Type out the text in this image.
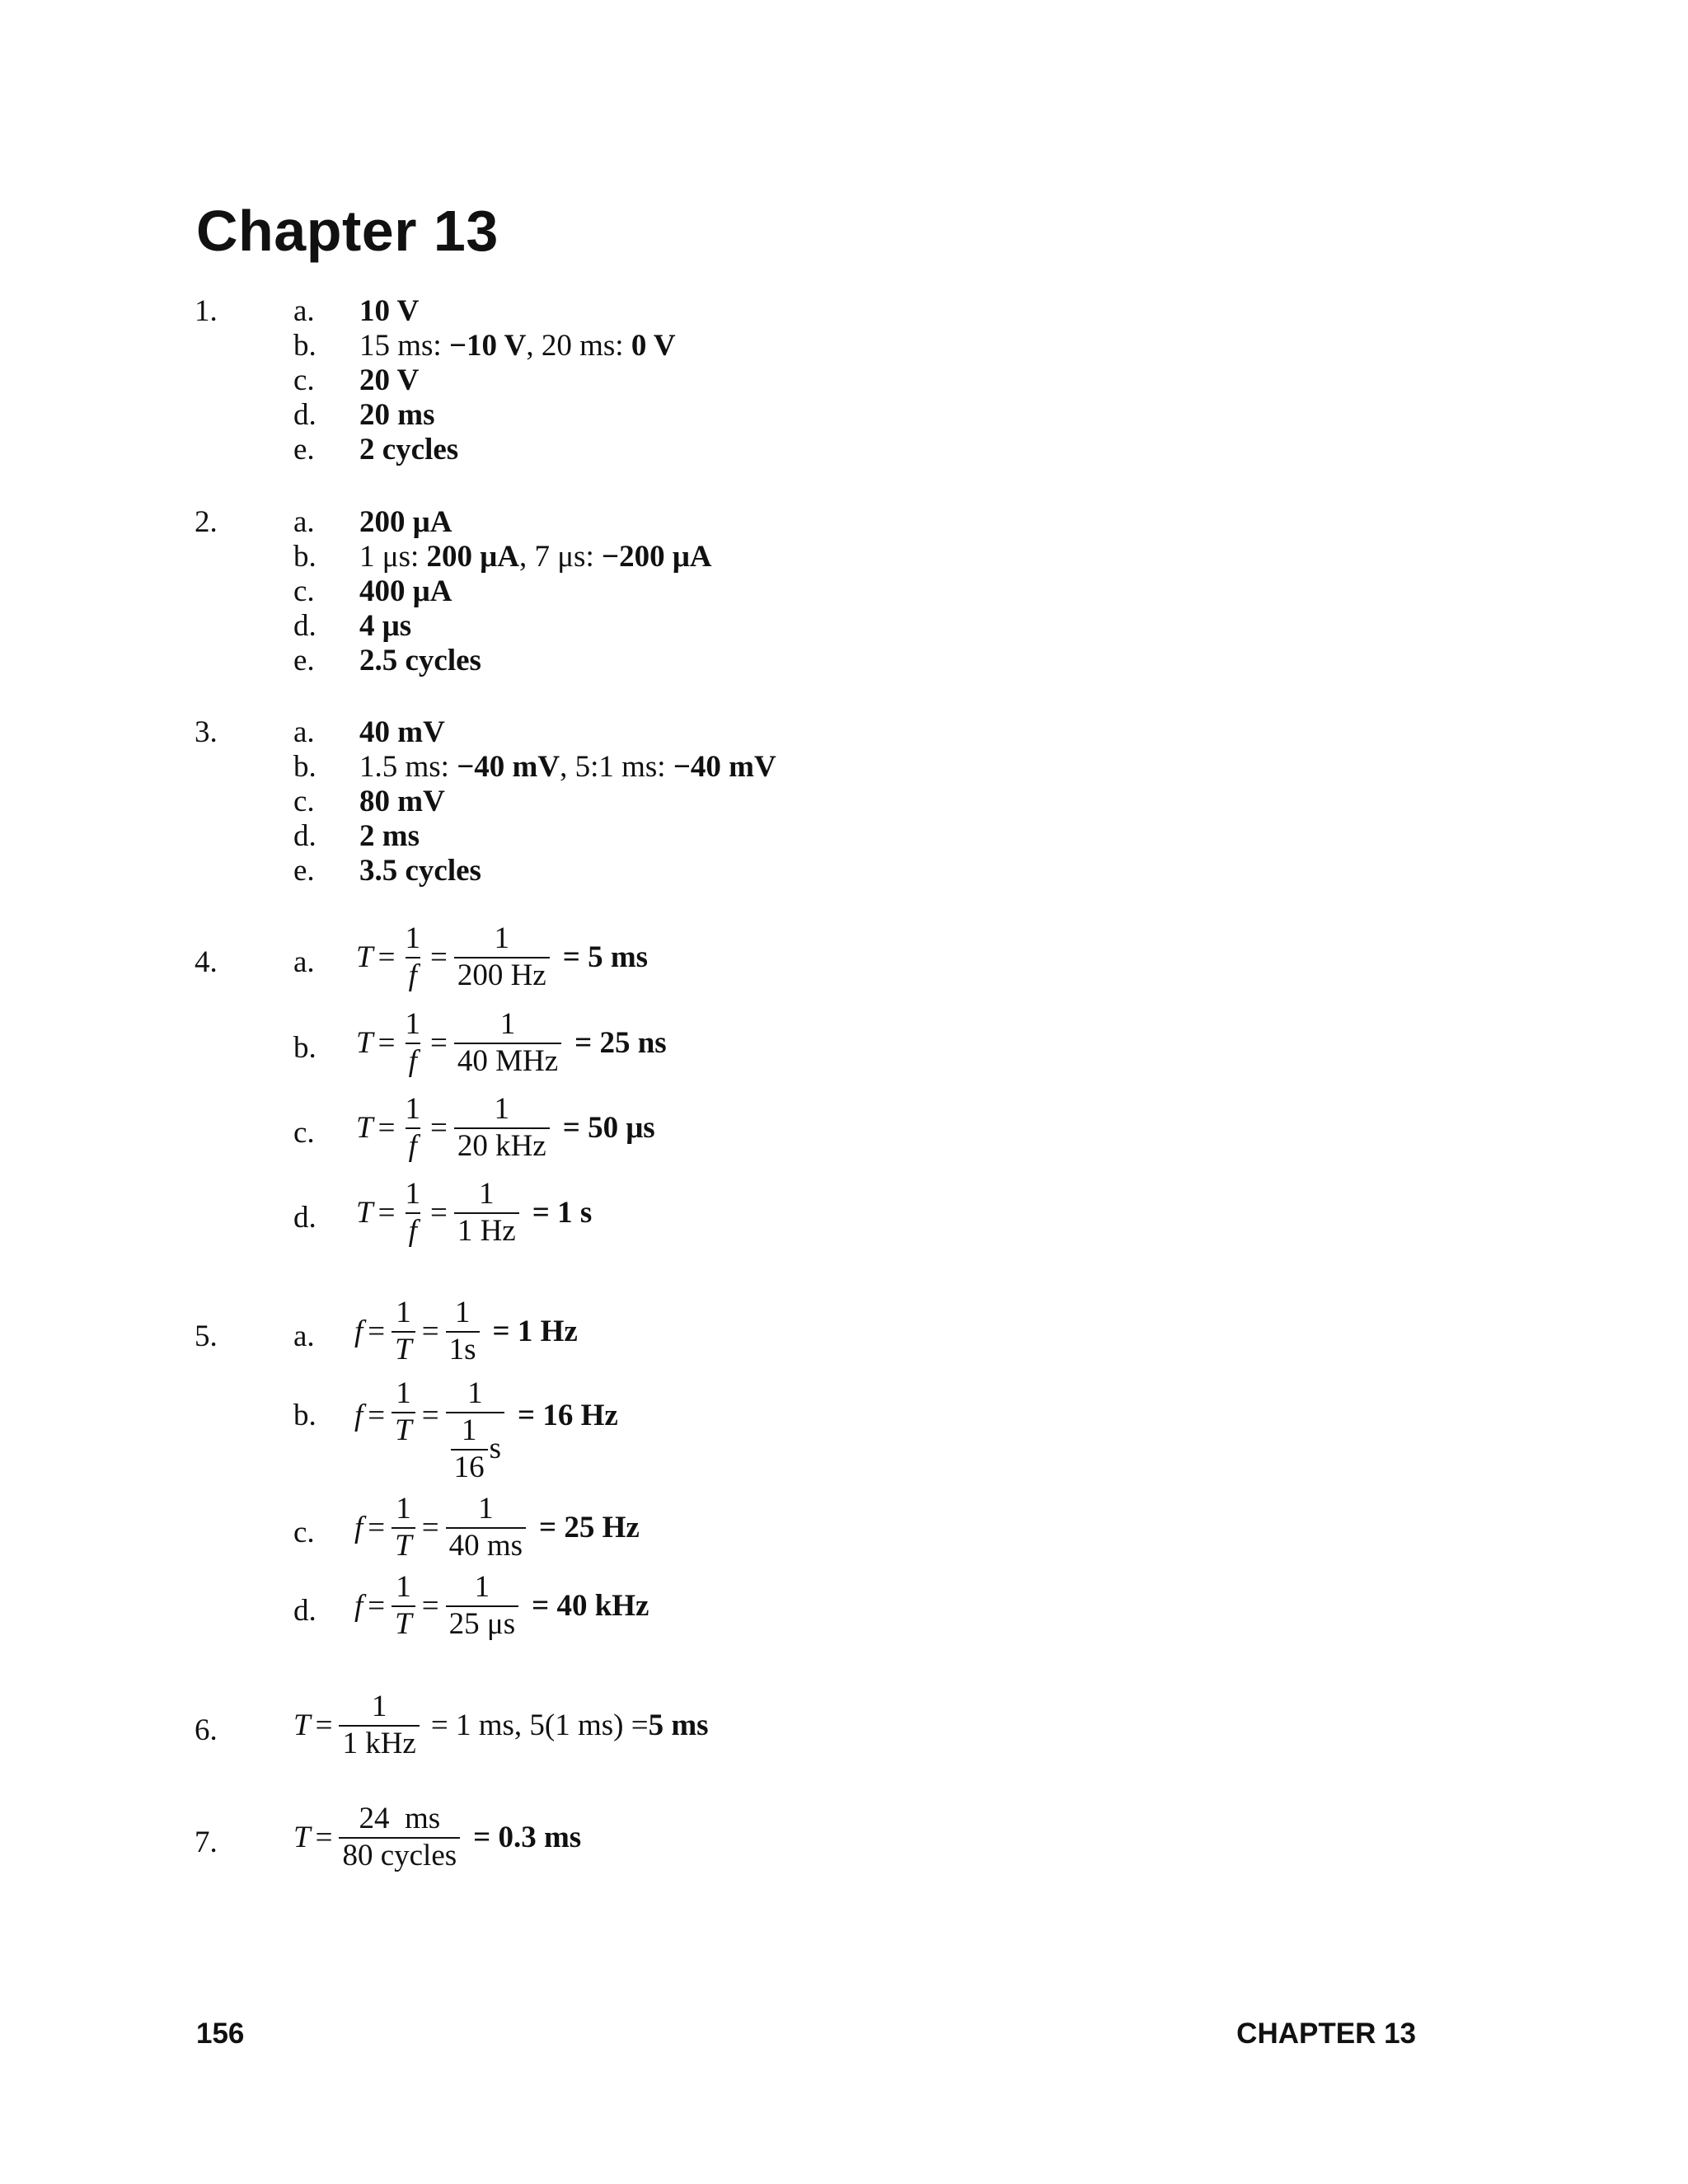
Chapter 13
1. a. 10 V
b. 15 ms: −10 V, 20 ms: 0 V
c. 20 V
d. 20 ms
e. 2 cycles
2. a. 200 μA
b. 1 μs: 200 μA, 7 μs: −200 μA
c. 400 μA
d. 4 μs
e. 2.5 cycles
3. a. 40 mV
b. 1.5 ms: −40 mV, 5:1 ms: −40 mV
c. 80 mV
d. 2 ms
e. 3.5 cycles
4. a. $T = \frac{1}{f} = \frac{1}{200 Hz} = 5$ ms
b. $T = \frac{1}{f} = \frac{1}{\text{40 MHz}} = 25$ ns
c. $T = \frac{1}{f} = \frac{1}{\text{20 kHz}} = 50$ μs
d. $T = \frac{1}{f} = \frac{1}{1 Hz} = 1$ s
5. a. $f = \frac{1}{T} = \frac{1}{1s} = 1$ Hz
b. $f = \frac{1}{T} = \frac{1}{\frac{1}{16} s} = 16$ Hz
c. $f = \frac{1}{T} = \frac{1}{40 ms} = 25$ Hz
d. $f = \frac{1}{T} = \frac{1}{25 \mu s} = 40$ kHz
6. $T = \frac{1}{\text{1 kHz}} = 1$ ms, 5(1 ms) = 5 ms
7. $T = \frac{24 ms}{\text{80 cycles}} = 0.3$ ms
156	CHAPTER 13
